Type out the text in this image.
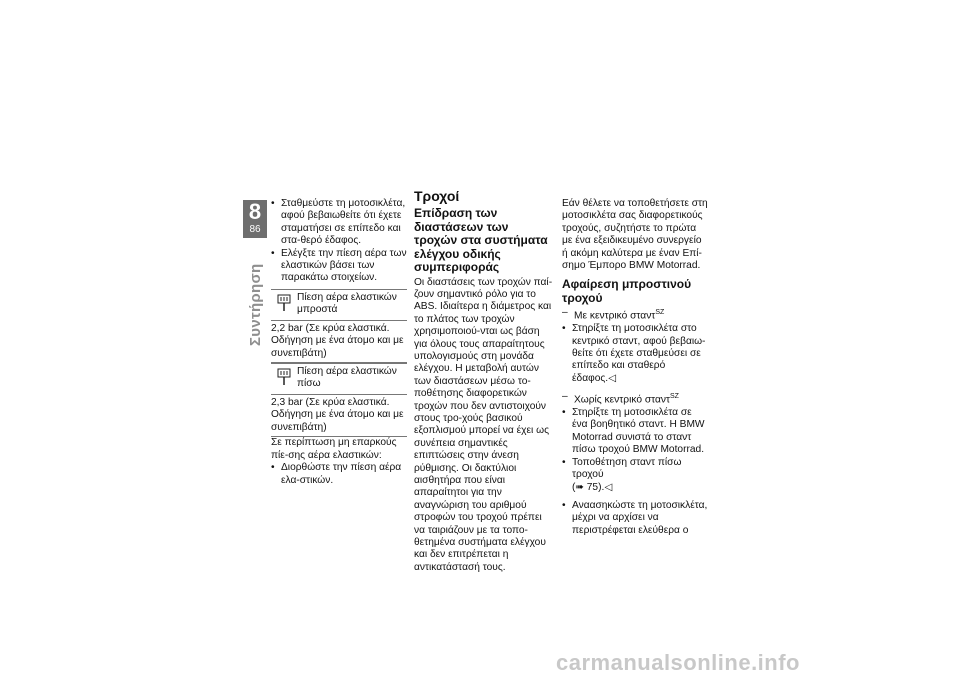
8
86
Συντήρηση
• Σταθμεύστε τη μοτοσικλέτα, αφού βεβαιωθείτε ότι έχετε σταματήσει σε επίπεδο και στα-θερό έδαφος.
• Ελέγξτε την πίεση αέρα των ελαστικών βάσει των παρακάτω στοιχείων.
Πίεση αέρα ελαστικών μπροστά
2,2 bar (Σε κρύα ελαστικά. Οδήγηση με ένα άτομο και με συνεπιβάτη)
Πίεση αέρα ελαστικών πίσω
2,3 bar (Σε κρύα ελαστικά. Οδήγηση με ένα άτομο και με συνεπιβάτη)
Σε περίπτωση μη επαρκούς πίε-σης αέρα ελαστικών:
• Διορθώστε την πίεση αέρα ελα-στικών.
Τροχοί
Επίδραση των διαστάσεων των τροχών στα συστήματα ελέγχου οδικής συμπεριφοράς
Οι διαστάσεις των τροχών παί-ζουν σημαντικό ρόλο για το ABS. Ιδιαίτερα η διάμετρος και το πλάτος των τροχών χρησιμοποιού-νται ως βάση για όλους τους απαραίτητους υπολογισμούς στη μονάδα ελέγχου. Η μεταβολή αυτών των διαστάσεων μέσω το-ποθέτησης διαφορετικών τροχών που δεν αντιστοιχούν στους τρο-χούς βασικού εξοπλισμού μπορεί να έχει ως συνέπεια σημαντικές επιπτώσεις στην άνεση ρύθμισης. Οι δακτύλιοι αισθητήρα που είναι απαραίτητοι για την αναγνώριση του αριθμού στροφών του τροχού πρέπει να ταιριάζουν με τα τοπο-θετημένα συστήματα ελέγχου και δεν επιτρέπεται η αντικατάστασή τους.
Εάν θέλετε να τοποθετήσετε στη μοτοσικλέτα σας διαφορετικούς τροχούς, συζητήστε το πρώτα με ένα εξειδικευμένο συνεργείο ή ακόμη καλύτερα με έναν Επί-σημο Έμπορο BMW Motorrad.
Αφαίρεση μπροστινού τροχού
– Με κεντρικό σταντ$^{SZ}$
• Στηρίξτε τη μοτοσικλέτα στο κεντρικό σταντ, αφού βεβαιω-θείτε ότι έχετε σταθμεύσει σε επίπεδο και σταθερό έδαφος.◁
– Χωρίς κεντρικό σταντ$^{SZ}$
• Στηρίξτε τη μοτοσικλέτα σε ένα βοηθητικό σταντ. Η BMW Motorrad συνιστά το σταντ πίσω τροχού BMW Motorrad.
• Τοποθέτηση σταντ πίσω τροχού
(➠ 75).◁
• Αναασηκώστε τη μοτοσικλέτα, μέχρι να αρχίσει να περιστρέφεται ελεύθερα ο
carmanualsonline.info
